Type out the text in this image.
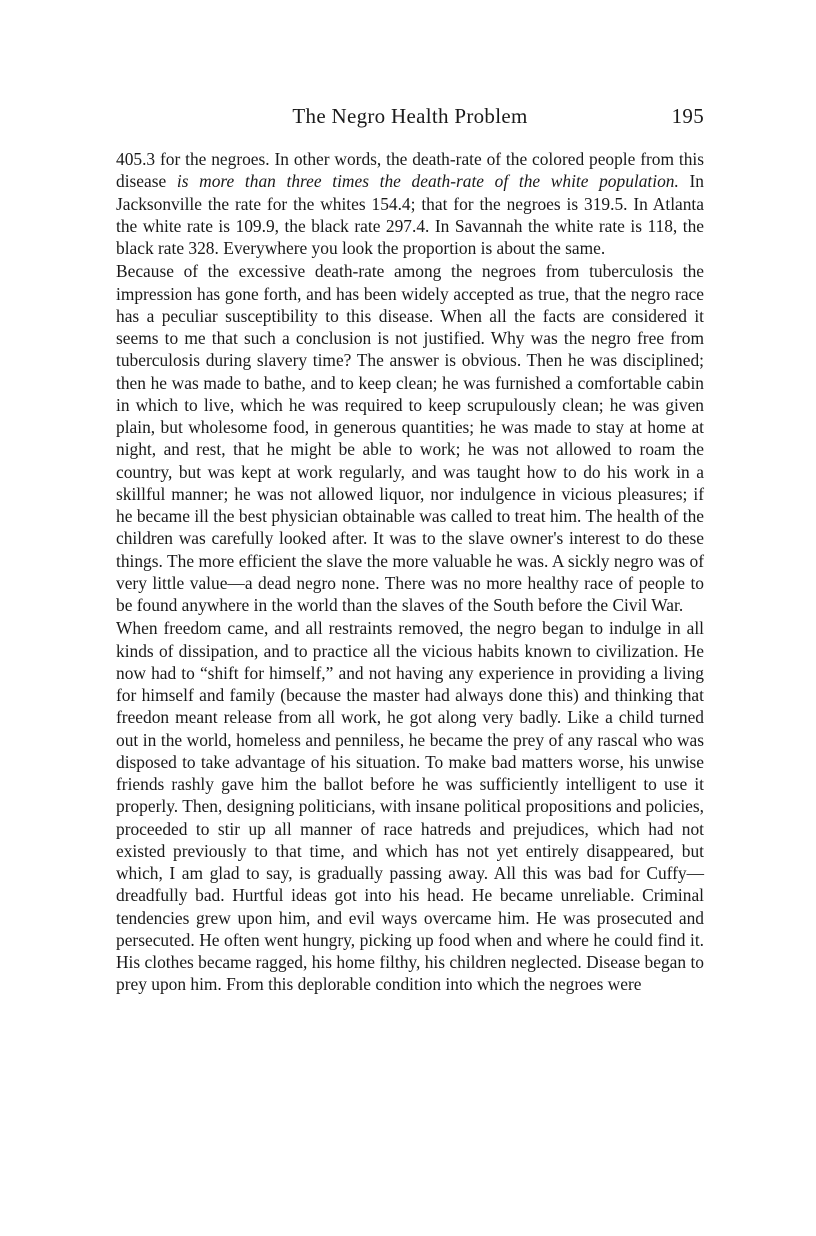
The Negro Health Problem	195

405.3 for the negroes. In other words, the death-rate of the colored people from this disease is more than three times the death-rate of the white population. In Jacksonville the rate for the whites 154.4; that for the negroes is 319.5. In Atlanta the white rate is 109.9, the black rate 297.4. In Savannah the white rate is 118, the black rate 328. Everywhere you look the proportion is about the same.

Because of the excessive death-rate among the negroes from tuberculosis the impression has gone forth, and has been widely accepted as true, that the negro race has a peculiar susceptibility to this disease. When all the facts are considered it seems to me that such a conclusion is not justified. Why was the negro free from tuberculosis during slavery time? The answer is obvious. Then he was disciplined; then he was made to bathe, and to keep clean; he was furnished a comfortable cabin in which to live, which he was required to keep scrupulously clean; he was given plain, but wholesome food, in generous quantities; he was made to stay at home at night, and rest, that he might be able to work; he was not allowed to roam the country, but was kept at work regularly, and was taught how to do his work in a skillful manner; he was not allowed liquor, nor indulgence in vicious pleasures; if he became ill the best physician obtainable was called to treat him. The health of the children was carefully looked after. It was to the slave owner's interest to do these things. The more efficient the slave the more valuable he was. A sickly negro was of very little value—a dead negro none. There was no more healthy race of people to be found anywhere in the world than the slaves of the South before the Civil War.

When freedom came, and all restraints removed, the negro began to indulge in all kinds of dissipation, and to practice all the vicious habits known to civilization. He now had to “shift for himself,” and not having any experience in providing a living for himself and family (because the master had always done this) and thinking that freedon meant release from all work, he got along very badly. Like a child turned out in the world, homeless and penniless, he became the prey of any rascal who was disposed to take advantage of his situation. To make bad matters worse, his unwise friends rashly gave him the ballot before he was sufficiently intelligent to use it properly. Then, designing politicians, with insane political propositions and policies, proceeded to stir up all manner of race hatreds and prejudices, which had not existed previously to that time, and which has not yet entirely disappeared, but which, I am glad to say, is gradually passing away. All this was bad for Cuffy—dreadfully bad. Hurtful ideas got into his head. He became unreliable. Criminal tendencies grew upon him, and evil ways overcame him. He was prosecuted and persecuted. He often went hungry, picking up food when and where he could find it. His clothes became ragged, his home filthy, his children neglected. Disease began to prey upon him. From this deplorable condition into which the negroes were
